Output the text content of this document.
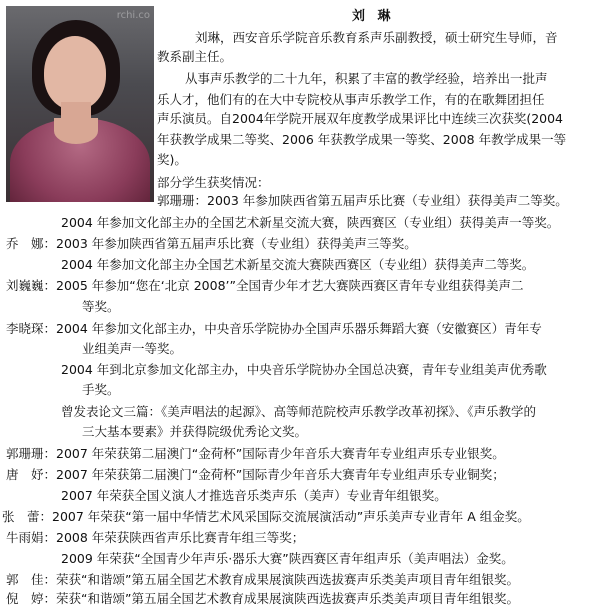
rchi.co	刘 琳
刘琳，西安音乐学院音乐教育系声乐副教授，硕士研究生导师，音
教系副主任。
从事声乐教学的二十九年，积累了丰富的教学经验，培养出一批声
乐人才，他们有的在大中专院校从事声乐教学工作，有的在歌舞团担任
声乐演员。自2004年学院开展双年度教学成果评比中连续三次获奖(2004
年获教学成果二等奖、2006 年获教学成果一等奖、2008 年教学成果一等
奖)。
部分学生获奖情况：
郭珊珊：2003 年参加陕西省第五届声乐比赛（专业组）获得美声二等奖。
2004 年参加文化部主办的全国艺术新星交流大赛，陕西赛区（专业组）获得美声一等奖。
乔　娜：2003 年参加陕西省第五届声乐比赛（专业组）获得美声三等奖。
2004 年参加文化部主办全国艺术新星交流大赛陕西赛区（专业组）获得美声二等奖。
刘巍巍：2005 年参加“您在‘北京 2008’”全国青少年才艺大赛陕西赛区青年专业组获得美声二
等奖。
李晓琛：2004 年参加文化部主办，中央音乐学院协办全国声乐器乐舞蹈大赛（安徽赛区）青年专
业组美声一等奖。
2004 年到北京参加文化部主办，中央音乐学院协办全国总决赛，青年专业组美声优秀歌
手奖。
曾发表论文三篇：《美声唱法的起源》、高等师范院校声乐教学改革初探》、《声乐教学的
三大基本要素》并获得院级优秀论文奖。
郭珊珊：2007 年荣获第二届澳门“金荷杯”国际青少年音乐大赛青年专业组声乐专业银奖。
唐　妤：2007 年荣获第二届澳门“金荷杯”国际青少年音乐大赛青年专业组声乐专业铜奖；
2007 年荣获全国义演人才推选音乐类声乐（美声）专业青年组银奖。
张　蕾：2007 年荣获“第一届中华情艺术风采国际交流展演活动”声乐美声专业青年 A 组金奖。
牛雨娟：2008 年荣获陕西省声乐比赛青年组三等奖；
2009 年荣获“全国青少年声乐·器乐大赛”陕西赛区青年组声乐（美声唱法）金奖。
郭　佳：荣获“和谐颂”第五届全国艺术教育成果展演陕西选拔赛声乐类美声项目青年组银奖。
倪　婷：荣获“和谐颂”第五届全国艺术教育成果展演陕西选拔赛声乐类美声项目青年组银奖。
